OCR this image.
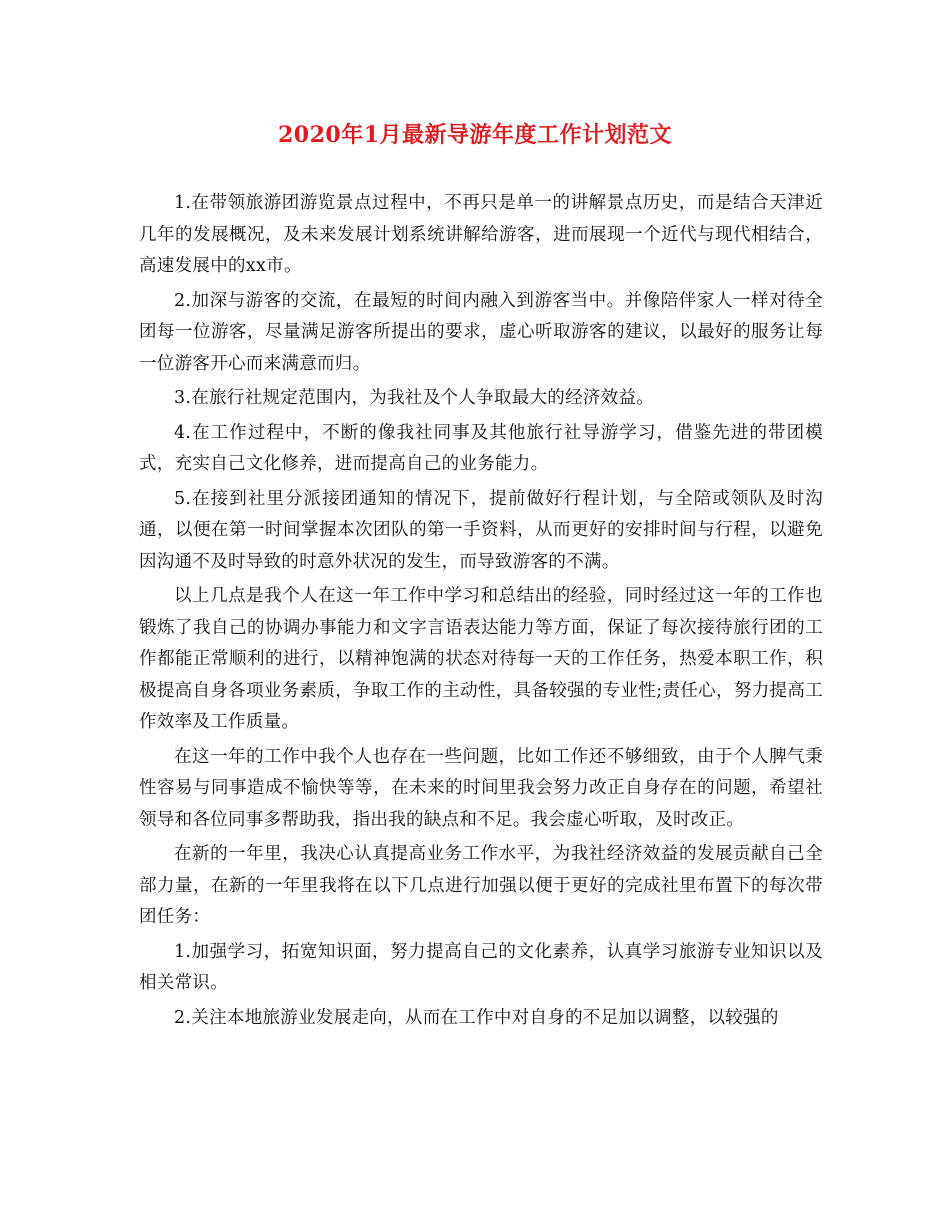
2020年1月最新导游年度工作计划范文

1.在带领旅游团游览景点过程中，不再只是单一的讲解景点历史，而是结合天津近几年的发展概况，及未来发展计划系统讲解给游客，进而展现一个近代与现代相结合，高速发展中的xx市。

2.加深与游客的交流，在最短的时间内融入到游客当中。并像陪伴家人一样对待全团每一位游客，尽量满足游客所提出的要求，虚心听取游客的建议，以最好的服务让每一位游客开心而来满意而归。

3.在旅行社规定范围内，为我社及个人争取最大的经济效益。

4.在工作过程中，不断的像我社同事及其他旅行社导游学习，借鉴先进的带团模式，充实自己文化修养，进而提高自己的业务能力。

5.在接到社里分派接团通知的情况下，提前做好行程计划，与全陪或领队及时沟通，以便在第一时间掌握本次团队的第一手资料，从而更好的安排时间与行程，以避免因沟通不及时导致的时意外状况的发生，而导致游客的不满。

以上几点是我个人在这一年工作中学习和总结出的经验，同时经过这一年的工作也锻炼了我自己的协调办事能力和文字言语表达能力等方面，保证了每次接待旅行团的工作都能正常顺利的进行，以精神饱满的状态对待每一天的工作任务，热爱本职工作，积极提高自身各项业务素质，争取工作的主动性，具备较强的专业性;责任心，努力提高工作效率及工作质量。

在这一年的工作中我个人也存在一些问题，比如工作还不够细致，由于个人脾气秉性容易与同事造成不愉快等等，在未来的时间里我会努力改正自身存在的问题，希望社领导和各位同事多帮助我，指出我的缺点和不足。我会虚心听取，及时改正。

在新的一年里，我决心认真提高业务工作水平，为我社经济效益的发展贡献自己全部力量，在新的一年里我将在以下几点进行加强以便于更好的完成社里布置下的每次带团任务：

1.加强学习，拓宽知识面，努力提高自己的文化素养，认真学习旅游专业知识以及相关常识。

2.关注本地旅游业发展走向，从而在工作中对自身的不足加以调整，以较强的
